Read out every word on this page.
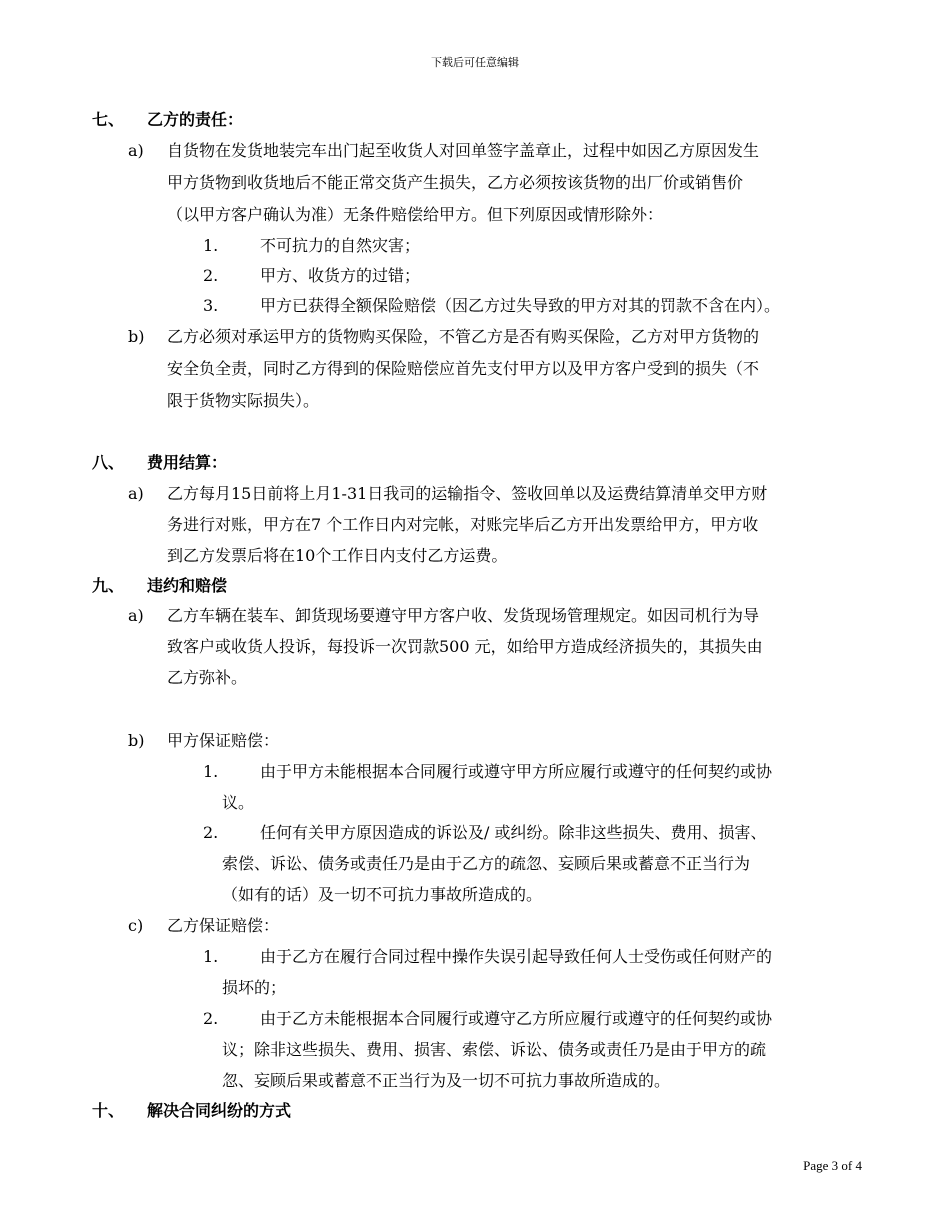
下载后可任意编辑
七、 乙方的责任：
a) 自货物在发货地装完车出门起至收货人对回单签字盖章止，过程中如因乙方原因发生
甲方货物到收货地后不能正常交货产生损失，乙方必须按该货物的出厂价或销售价
（以甲方客户确认为准）无条件赔偿给甲方。但下列原因或情形除外：
1.	不可抗力的自然灾害；
2.	甲方、收货方的过错；
3.	甲方已获得全额保险赔偿（因乙方过失导致的甲方对其的罚款不含在内）。
b) 乙方必须对承运甲方的货物购买保险，不管乙方是否有购买保险，乙方对甲方货物的
安全负全责，同时乙方得到的保险赔偿应首先支付甲方以及甲方客户受到的损失（不
限于货物实际损失）。
八、 费用结算：
a) 乙方每月15日前将上月1-31日我司的运输指令、签收回单以及运费结算清单交甲方财
务进行对账，甲方在7 个工作日内对完帐，对账完毕后乙方开出发票给甲方，甲方收
到乙方发票后将在10个工作日内支付乙方运费。
九、 违约和赔偿
a) 乙方车辆在装车、卸货现场要遵守甲方客户收、发货现场管理规定。如因司机行为导
致客户或收货人投诉，每投诉一次罚款500 元，如给甲方造成经济损失的，其损失由
乙方弥补。
b) 甲方保证赔偿：
1.	由于甲方未能根据本合同履行或遵守甲方所应履行或遵守的任何契约或协
议。
2.	任何有关甲方原因造成的诉讼及/ 或纠纷。除非这些损失、费用、损害、
索偿、诉讼、债务或责任乃是由于乙方的疏忽、妄顾后果或蓄意不正当行为
（如有的话）及一切不可抗力事故所造成的。
c) 乙方保证赔偿：
1.	由于乙方在履行合同过程中操作失误引起导致任何人士受伤或任何财产的
损坏的；
2.	由于乙方未能根据本合同履行或遵守乙方所应履行或遵守的任何契约或协
议；除非这些损失、费用、损害、索偿、诉讼、债务或责任乃是由于甲方的疏
忽、妄顾后果或蓄意不正当行为及一切不可抗力事故所造成的。
十、 解决合同纠纷的方式
Page 3 of 4
